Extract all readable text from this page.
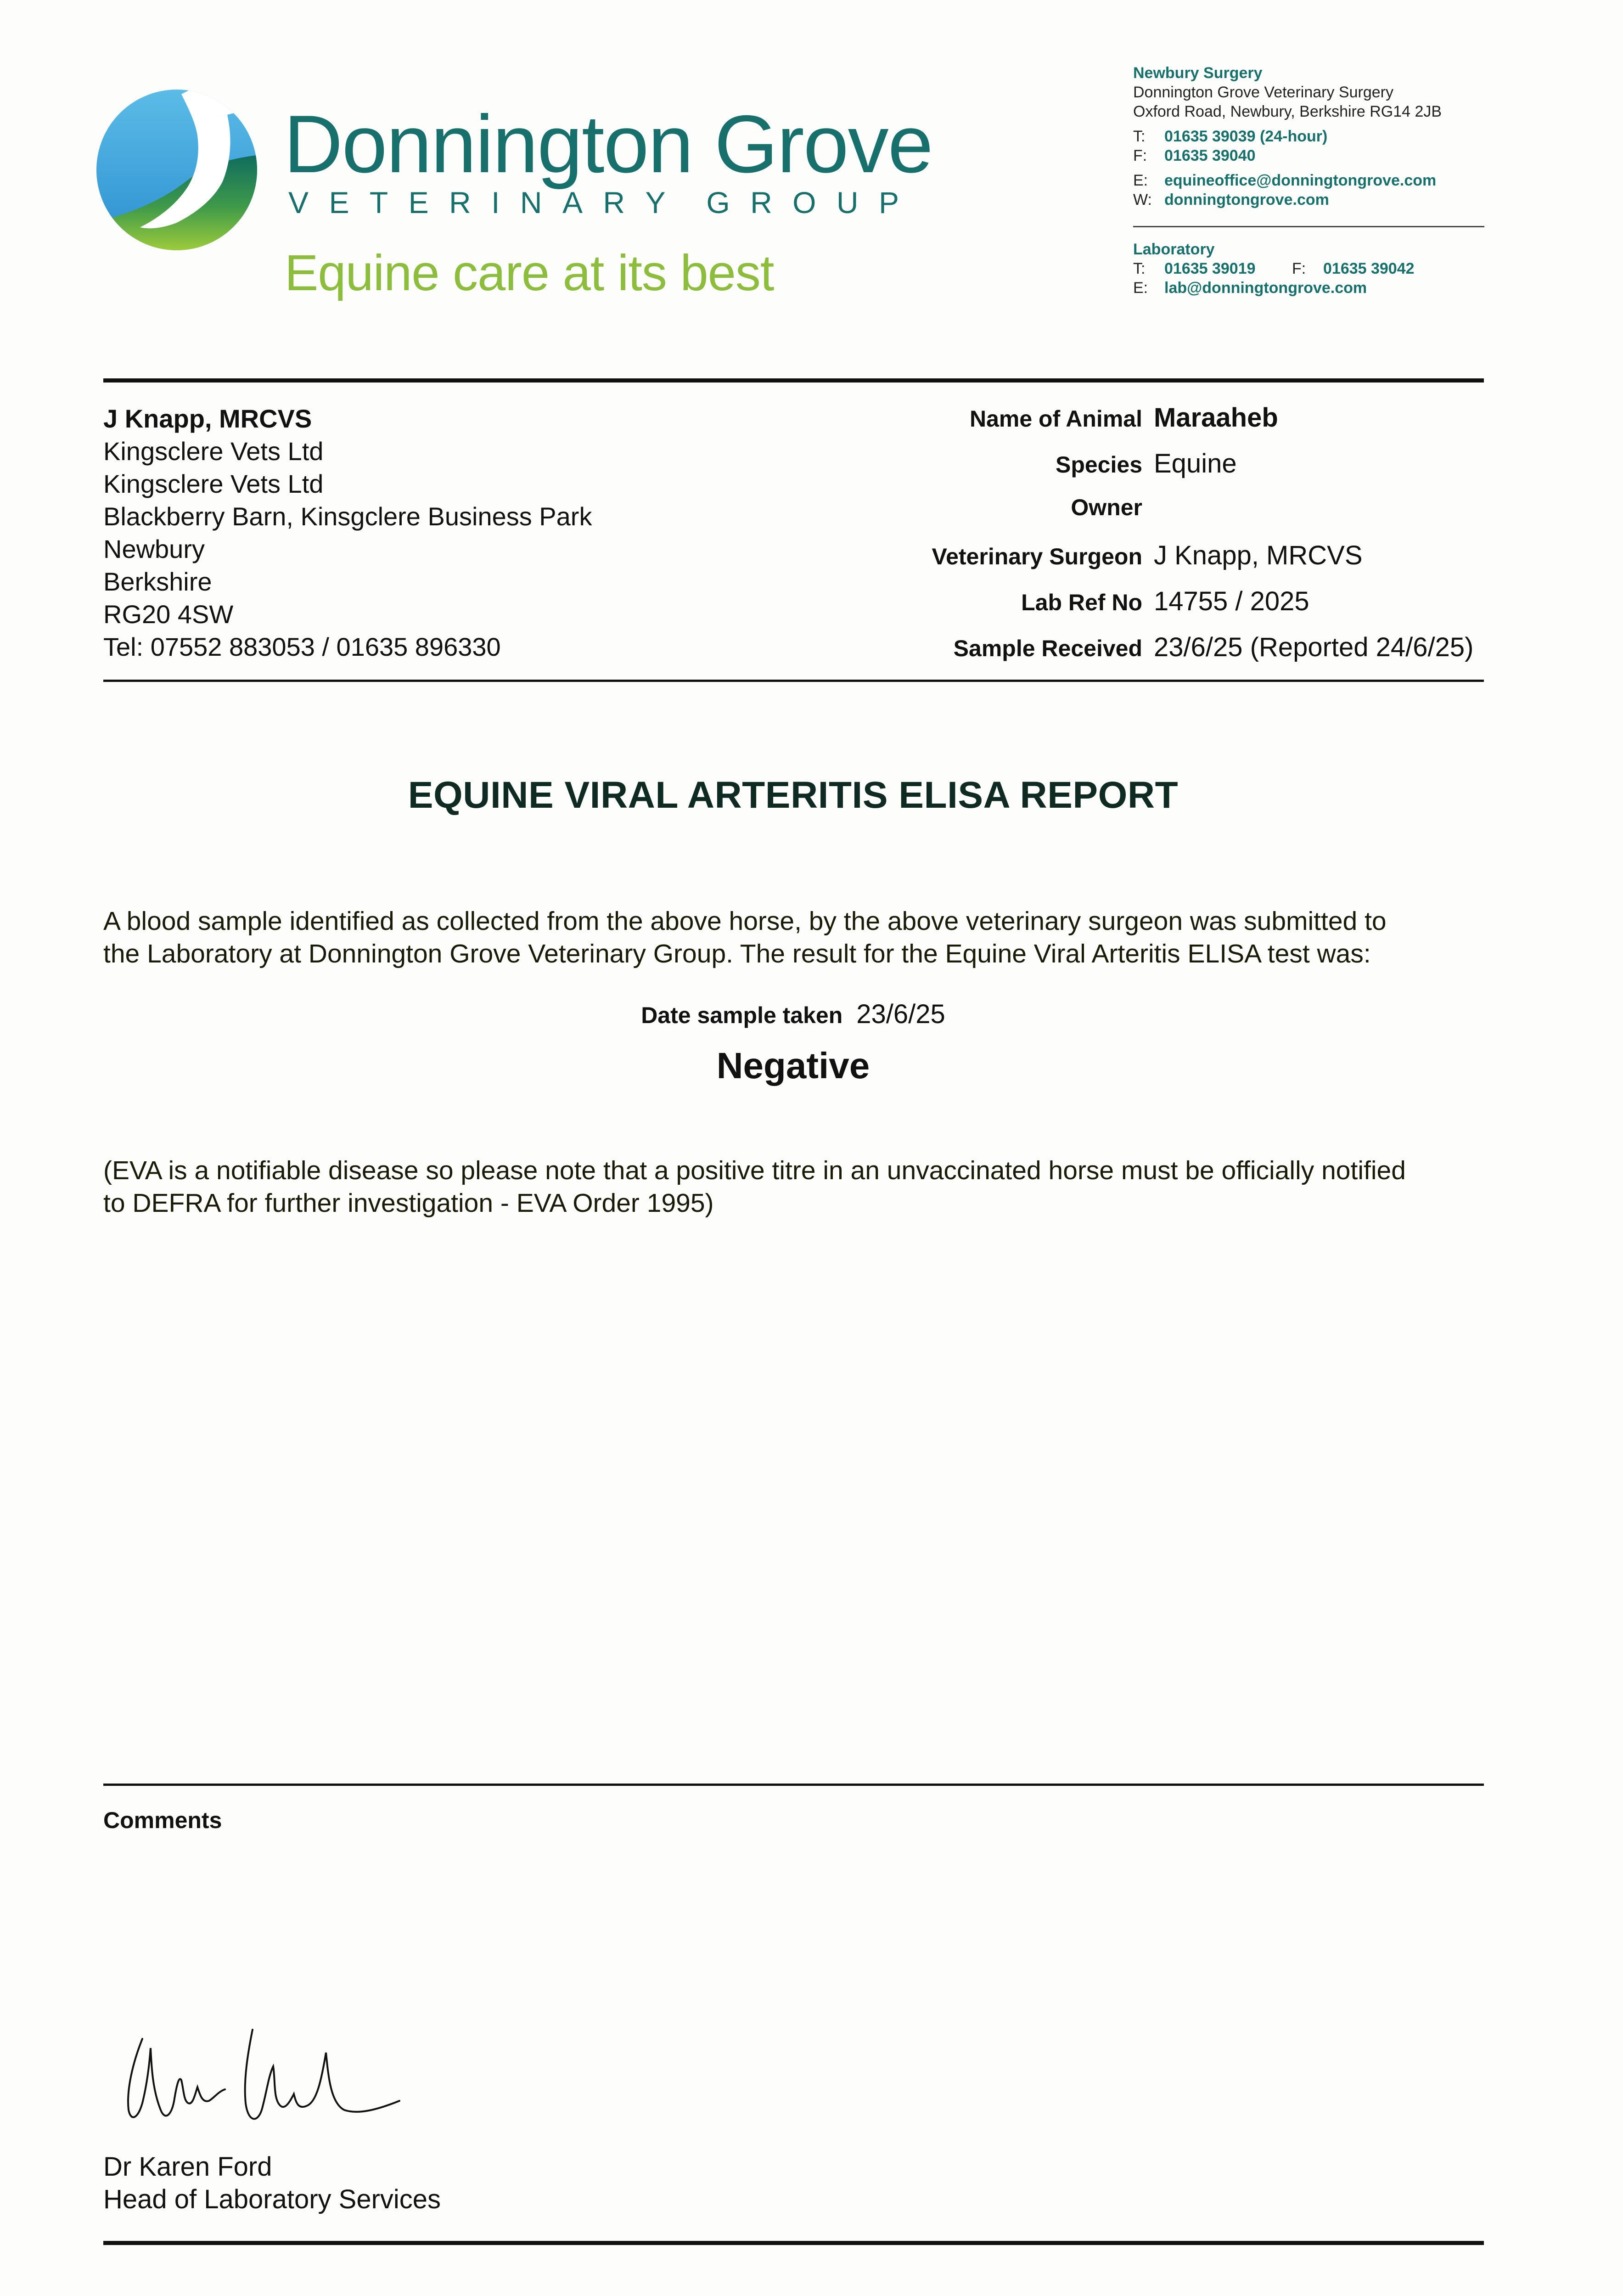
Donnington Grove
V E T E R I N A R Y G R O U P
Equine care at its best
Newbury Surgery
Donnington Grove Veterinary Surgery
Oxford Road, Newbury, Berkshire RG14 2JB
T: 01635 39039 (24-hour)
F: 01635 39040
E: equineoffice@donningtongrove.com
W: donningtongrove.com
Laboratory
T: 01635 39019 F: 01635 39042
E: lab@donningtongrove.com
J Knapp, MRCVS
Kingsclere Vets Ltd
Kingsclere Vets Ltd
Blackberry Barn, Kinsgclere Business Park
Newbury
Berkshire
RG20 4SW
Tel: 07552 883053 / 01635 896330
Name of Animal Maraaheb
Species Equine
Owner
Veterinary Surgeon J Knapp, MRCVS
Lab Ref No 14755 / 2025
Sample Received 23/6/25 (Reported 24/6/25)
EQUINE VIRAL ARTERITIS ELISA REPORT
A blood sample identified as collected from the above horse, by the above veterinary surgeon was submitted to
the Laboratory at Donnington Grove Veterinary Group. The result for the Equine Viral Arteritis ELISA test was:
Date sample taken 23/6/25
Negative
(EVA is a notifiable disease so please note that a positive titre in an unvaccinated horse must be officially notified
to DEFRA for further investigation - EVA Order 1995)
Comments
Dr Karen Ford
Head of Laboratory Services
